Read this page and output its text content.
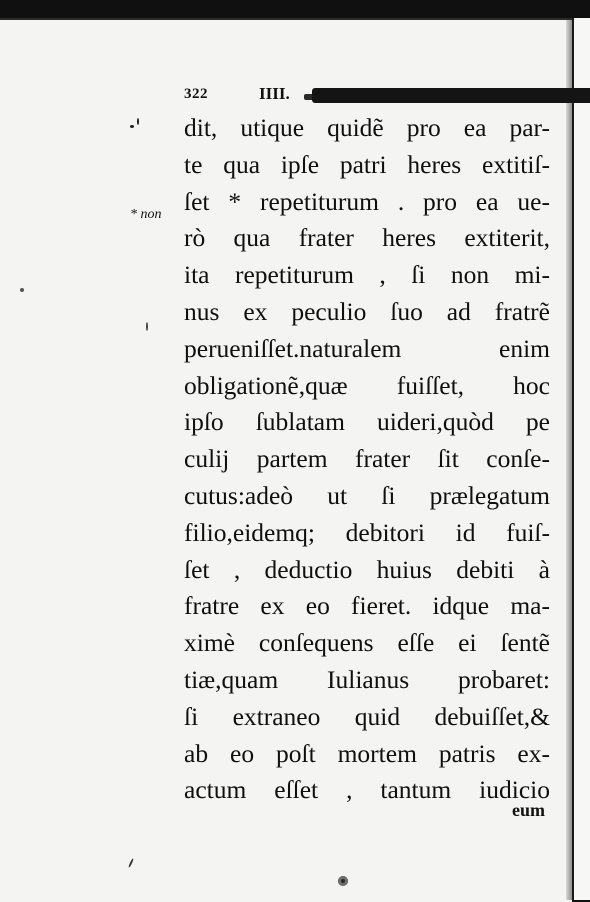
322	IIII.
* non
dit, utique quidẽ pro ea par-
te qua ipſe patri heres extitiſ-
ſet * repetiturum . pro ea ue-
rò qua frater heres extiterit,
ita repetiturum , ſi non mi-
nus ex peculio ſuo ad fratrẽ
perueniſſet.naturalem enim
obligationẽ,quæ fuiſſet, hoc
ipſo ſublatam uideri,quòd pe
culij partem frater ſit conſe-
cutus:adeò ut ſi prælegatum
filio,eidemq; debitori id fuiſ-
ſet , deductio huius debiti à
fratre ex eo fieret. idque ma-
ximè conſequens eſſe ei ſentẽ
tiæ,quam Iulianus probaret:
ſi extraneo quid debuiſſet,&
ab eo poſt mortem patris ex-
actum eſſet , tantum iudicio
eum
